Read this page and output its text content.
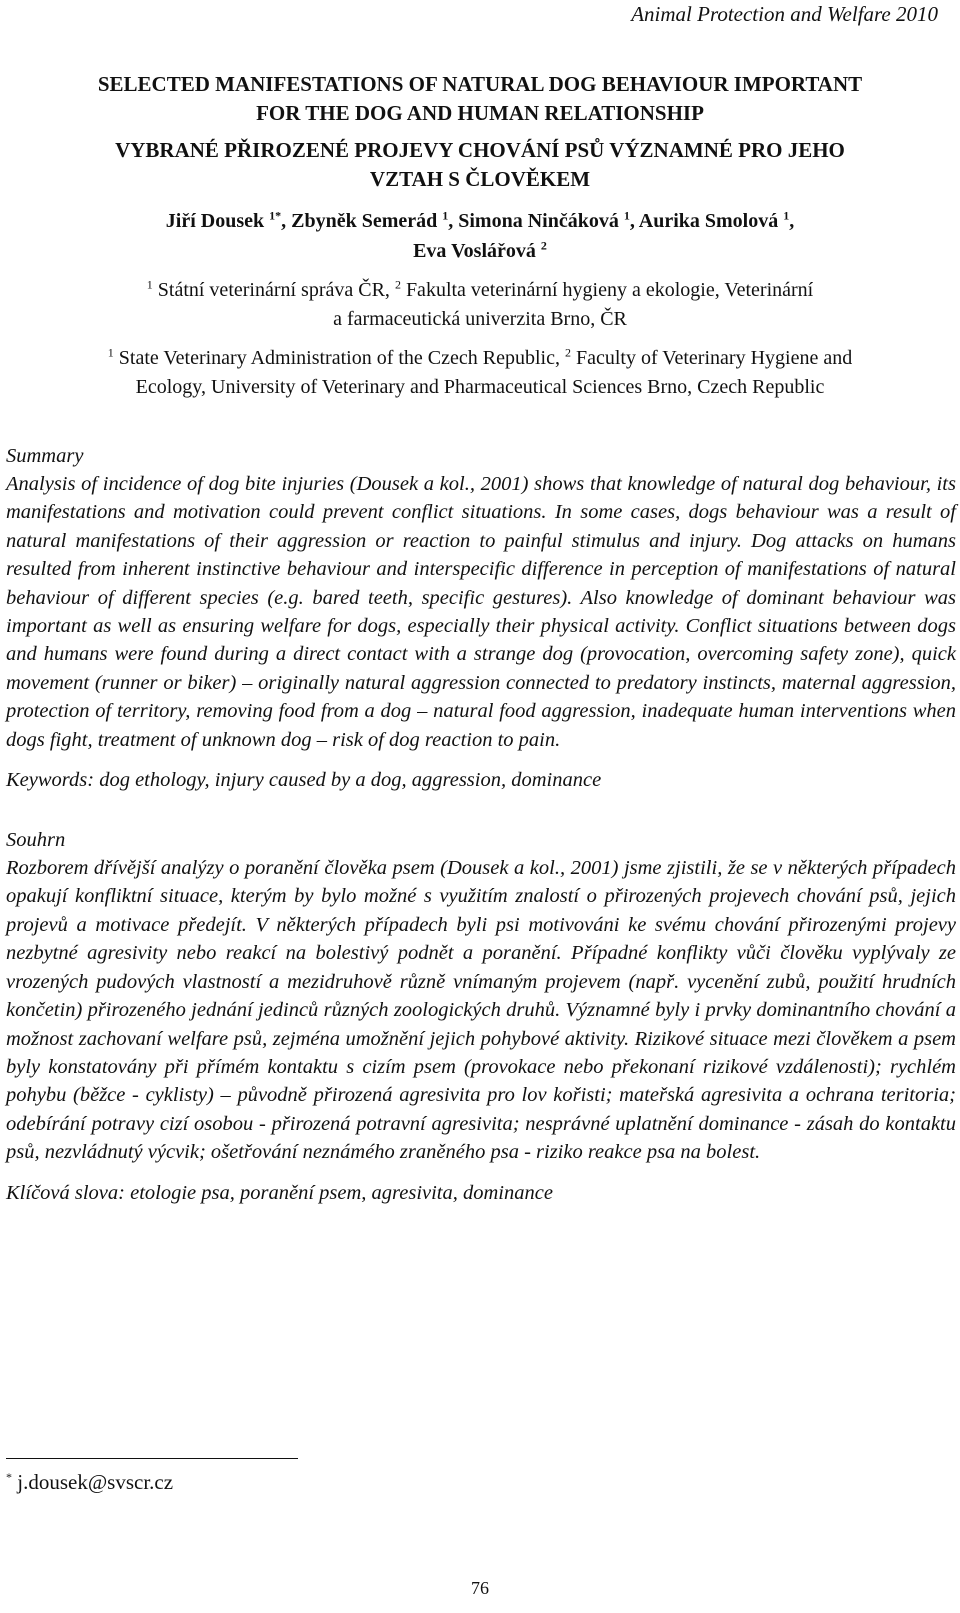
Animal Protection and Welfare 2010
SELECTED MANIFESTATIONS OF NATURAL DOG BEHAVIOUR IMPORTANT
FOR THE DOG AND HUMAN RELATIONSHIP
VYBRANÉ PŘIROZENÉ PROJEVY CHOVÁNÍ PSŮ VÝZNAMNÉ PRO JEHO
VZTAH S ČLOVĚKEM
Jiří Dousek $^{1*}$, Zbyněk Semerád $^1$, Simona Ninčáková $^1$, Aurika Smolová $^1$,
Eva Voslářová $^2$
$^1$ Státní veterinární správa ČR, $^2$ Fakulta veterinární hygieny a ekologie, Veterinární
a farmaceutická univerzita Brno, ČR
$^1$ State Veterinary Administration of the Czech Republic, $^2$ Faculty of Veterinary Hygiene and
Ecology, University of Veterinary and Pharmaceutical Sciences Brno, Czech Republic
Summary
Analysis of incidence of dog bite injuries (Dousek a kol., 2001) shows that knowledge of natural dog behaviour, its manifestations and motivation could prevent conflict situations. In some cases, dogs behaviour was a result of natural manifestations of their aggression or reaction to painful stimulus and injury. Dog attacks on humans resulted from inherent instinctive behaviour and interspecific difference in perception of manifestations of natural behaviour of different species (e.g. bared teeth, specific gestures). Also knowledge of dominant behaviour was important as well as ensuring welfare for dogs, especially their physical activity. Conflict situations between dogs and humans were found during a direct contact with a strange dog (provocation, overcoming safety zone), quick movement (runner or biker) – originally natural aggression connected to predatory instincts, maternal aggression, protection of territory, removing food from a dog – natural food aggression, inadequate human interventions when dogs fight, treatment of unknown dog – risk of dog reaction to pain.
Keywords: dog ethology, injury caused by a dog, aggression, dominance
Souhrn
Rozborem dřívější analýzy o poranění člověka psem (Dousek a kol., 2001) jsme zjistili, že se v některých případech opakují konfliktní situace, kterým by bylo možné s využitím znalostí o přirozených projevech chování psů, jejich projevů a motivace předejít. V některých případech byli psi motivováni ke svému chování přirozenými projevy nezbytné agresivity nebo reakcí na bolestivý podnět a poranění. Případné konflikty vůči člověku vyplývaly ze vrozených pudových vlastností a mezidruhově různě vnímaným projevem (např. vycenění zubů, použití hrudních končetin) přirozeného jednání jedinců různých zoologických druhů. Významné byly i prvky dominantního chování a možnost zachovaní welfare psů, zejména umožnění jejich pohybové aktivity. Rizikové situace mezi člověkem a psem byly konstatovány při přímém kontaktu s cizím psem (provokace nebo překonaní rizikové vzdálenosti); rychlém pohybu (běžce - cyklisty) – původně přirozená agresivita pro lov kořisti; mateřská agresivita a ochrana teritoria; odebírání potravy cizí osobou - přirozená potravní agresivita; nesprávné uplatnění dominance - zásah do kontaktu psů, nezvládnutý výcvik; ošetřování neznámého zraněného psa - riziko reakce psa na bolest.
Klíčová slova: etologie psa, poranění psem, agresivita, dominance
* j.dousek@svscr.cz
76
